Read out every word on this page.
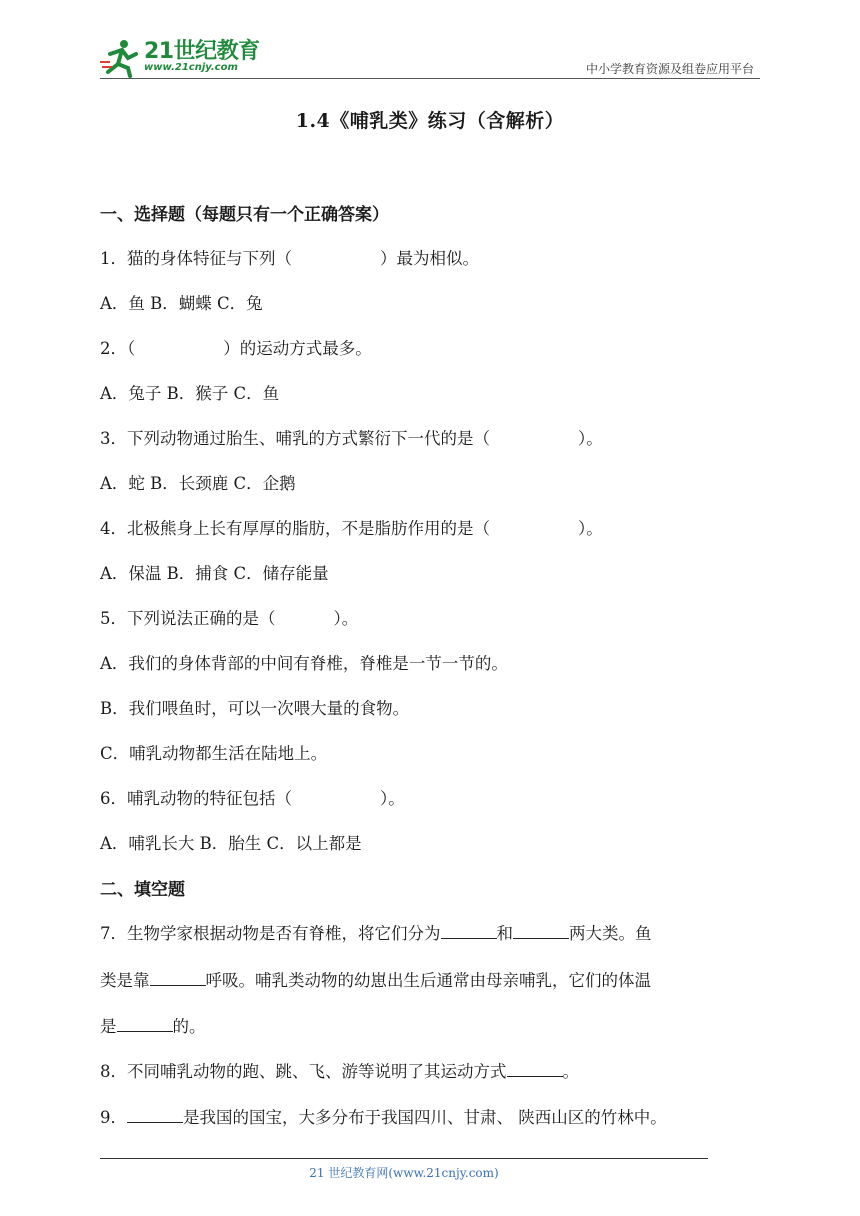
21世纪教育
www.21cnjy.com	中小学教育资源及组卷应用平台
1.4《哺乳类》练习（含解析）
一、选择题（每题只有一个正确答案）
1．猫的身体特征与下列（	）最为相似。
A．鱼 B．蝴蝶 C．兔
2．（	）的运动方式最多。
A．兔子 B．猴子 C．鱼
3．下列动物通过胎生、哺乳的方式繁衍下一代的是（	）。
A．蛇 B．长颈鹿 C．企鹅
4．北极熊身上长有厚厚的脂肪，不是脂肪作用的是（	）。
A．保温 B．捕食 C．储存能量
5．下列说法正确的是（	）。
A．我们的身体背部的中间有脊椎，脊椎是一节一节的。
B．我们喂鱼时，可以一次喂大量的食物。
C．哺乳动物都生活在陆地上。
6．哺乳动物的特征包括（	）。
A．哺乳长大 B．胎生 C．以上都是
二、填空题
7．生物学家根据动物是否有脊椎，将它们分为	和	两大类。鱼
类是靠	呼吸。哺乳类动物的幼崽出生后通常由母亲哺乳，它们的体温
是	的。
8．不同哺乳动物的跑、跳、飞、游等说明了其运动方式	。
9．	是我国的国宝，大多分布于我国四川、甘肃、 陕西山区的竹林中。
21 世纪教育网(www.21cnjy.com)
